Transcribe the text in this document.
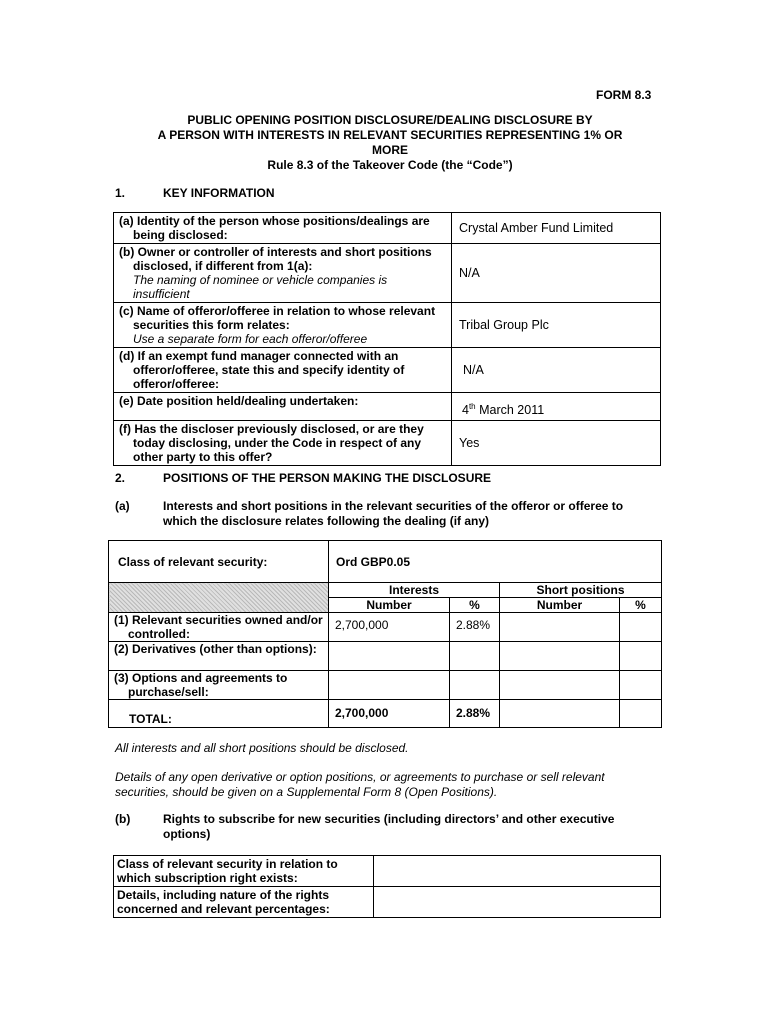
FORM 8.3
PUBLIC OPENING POSITION DISCLOSURE/DEALING DISCLOSURE BY
A PERSON WITH INTERESTS IN RELEVANT SECURITIES REPRESENTING 1% OR
MORE
Rule 8.3 of the Takeover Code (the “Code”)
1.	KEY INFORMATION
(a) Identity of the person whose positions/dealings are being disclosed:	Crystal Amber Fund Limited

(b) Owner or controller of interests and short positions disclosed, if different from 1(a):
The naming of nominee or vehicle companies is insufficient	N/A

(c) Name of offeror/offeree in relation to whose relevant securities this form relates:
Use a separate form for each offeror/offeree	Tribal Group Plc

(d) If an exempt fund manager connected with an offeror/offeree, state this and specify identity of offeror/offeree:	N/A

(e) Date position held/dealing undertaken:	4th March 2011

(f) Has the discloser previously disclosed, or are they today disclosing, under the Code in respect of any other party to this offer?	Yes
2.	POSITIONS OF THE PERSON MAKING THE DISCLOSURE
(a)	Interests and short positions in the relevant securities of the offeror or offeree to which the disclosure relates following the dealing (if any)
Class of relevant security:	Ord GBP0.05			
	Interests		Short positions	
	Number	%	Number	%

(1) Relevant securities owned and/or controlled:	2,700,000	2.88%		

(2) Derivatives (other than options):				

(3) Options and agreements to purchase/sell:				

TOTAL:	2,700,000	2.88%		
All interests and all short positions should be disclosed.
Details of any open derivative or option positions, or agreements to purchase or sell relevant securities, should be given on a Supplemental Form 8 (Open Positions).
(b)	Rights to subscribe for new securities (including directors’ and other executive options)
Class of relevant security in relation to which subscription right exists:	
Details, including nature of the rights concerned and relevant percentages:	
